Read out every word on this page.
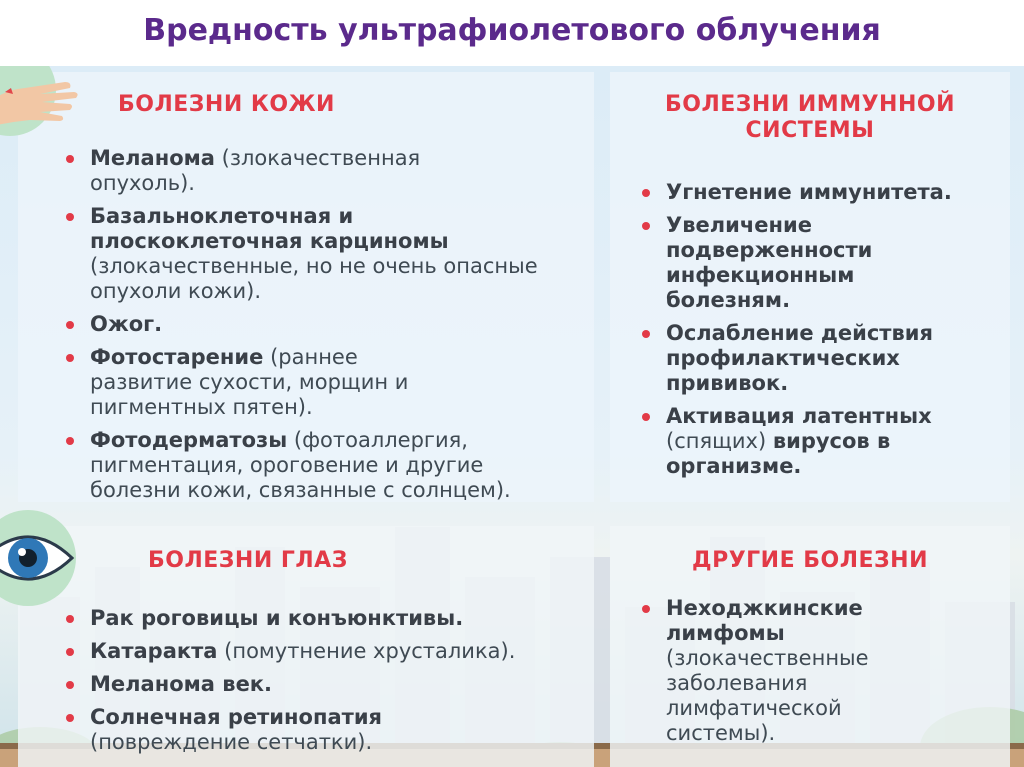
Вредность ультрафиолетового облучения
БОЛЕЗНИ КОЖИ
Меланома (злокачественная опухоль).
Базальноклеточная и плоскоклеточная карциномы (злокачественные, но не очень опасные опухоли кожи).
Ожог.
Фотостарение (раннее развитие сухости, морщин и пигментных пятен).
Фотодерматозы (фотоаллергия, пигментация, ороговение и другие болезни кожи, связанные с солнцем).
БОЛЕЗНИ ИММУННОЙ СИСТЕМЫ
Угнетение иммунитета.
Увеличение подверженности инфекционным болезням.
Ослабление действия профилактических прививок.
Активация латентных (спящих) вирусов в организме.
БОЛЕЗНИ ГЛАЗ
Рак роговицы и конъюнктивы.
Катаракта (помутнение хрусталика).
Меланома век.
Солнечная ретинопатия (повреждение сетчатки).
ДРУГИЕ БОЛЕЗНИ
Неходжкинские лимфомы (злокачественные заболевания лимфатической системы).
